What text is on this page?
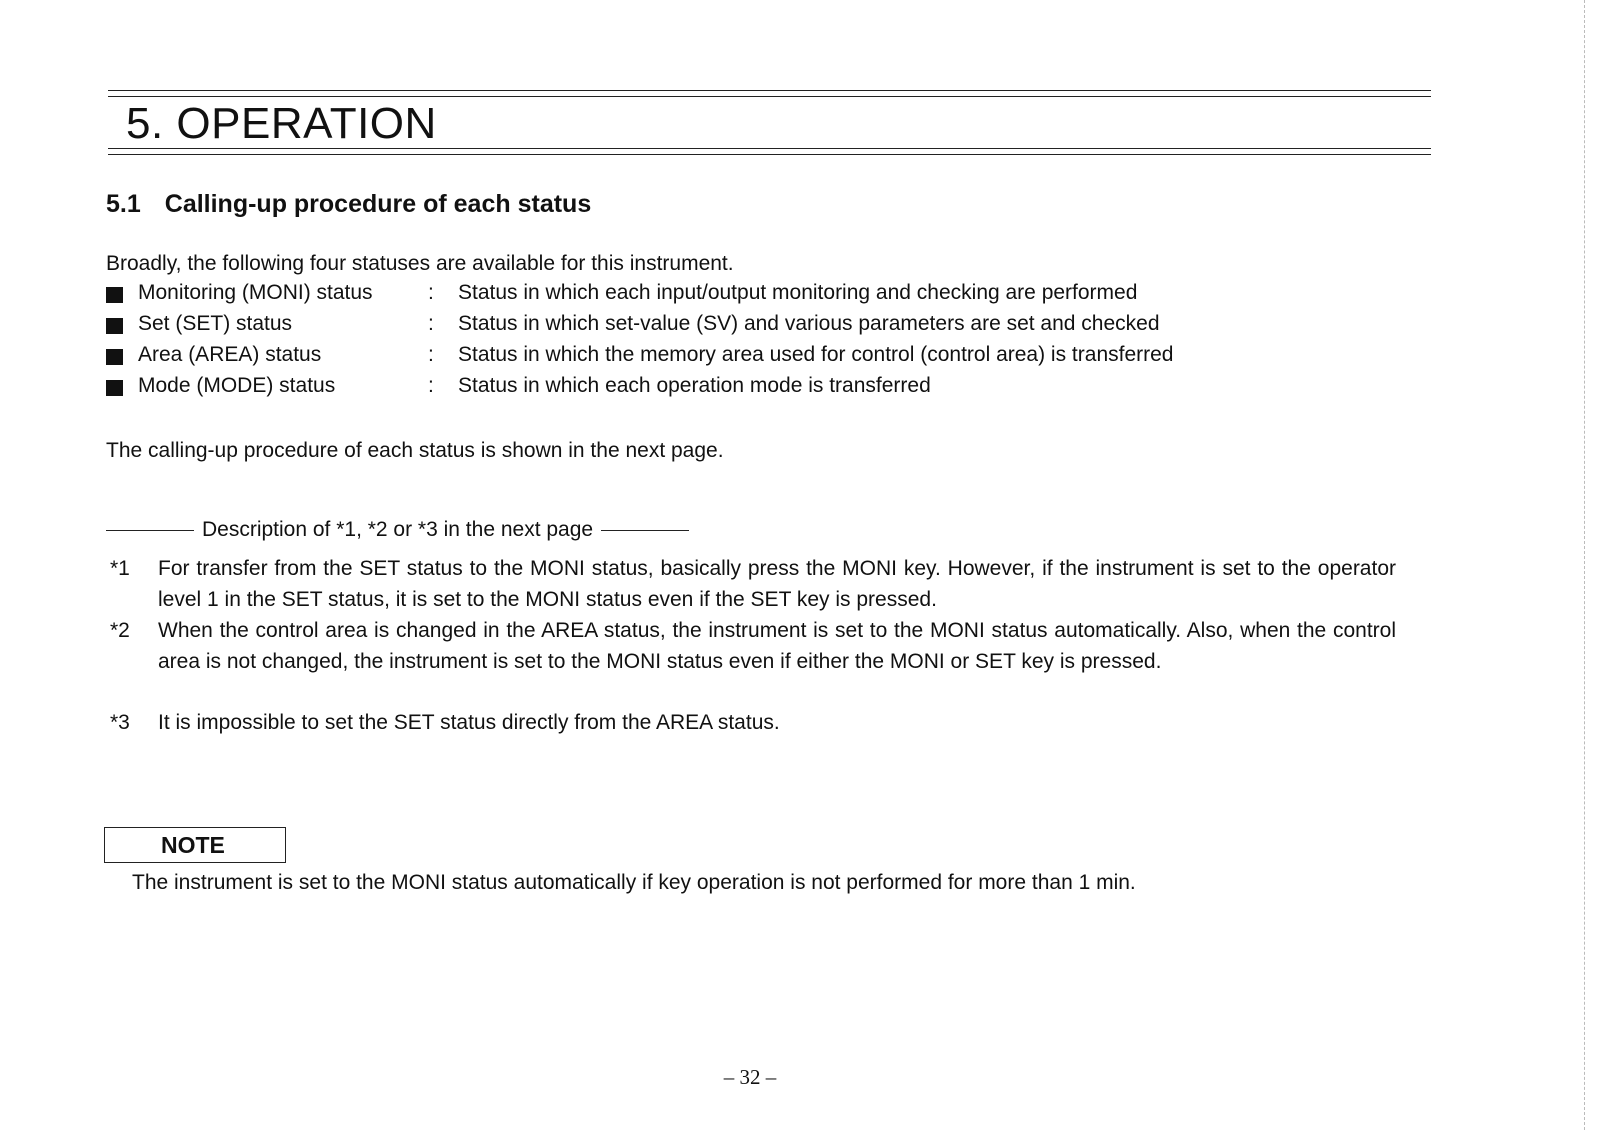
5. OPERATION
5.1 Calling-up procedure of each status
Broadly, the following four statuses are available for this instrument.
Monitoring (MONI) status	: Status in which each input/output monitoring and checking are performed
Set (SET) status	: Status in which set-value (SV) and various parameters are set and checked
Area (AREA) status	: Status in which the memory area used for control (control area) is transferred
Mode (MODE) status	: Status in which each operation mode is transferred
The calling-up procedure of each status is shown in the next page.
Description of *1, *2 or *3 in the next page
*1 For transfer from the SET status to the MONI status, basically press the MONI key. However, if the instrument is set to the operator level 1 in the SET status, it is set to the MONI status even if the SET key is pressed.
*2 When the control area is changed in the AREA status, the instrument is set to the MONI status automatically. Also, when the control area is not changed, the instrument is set to the MONI status even if either the MONI or SET key is pressed.
*3 It is impossible to set the SET status directly from the AREA status.
NOTE
The instrument is set to the MONI status automatically if key operation is not performed for more than 1 min.
– 32 –
